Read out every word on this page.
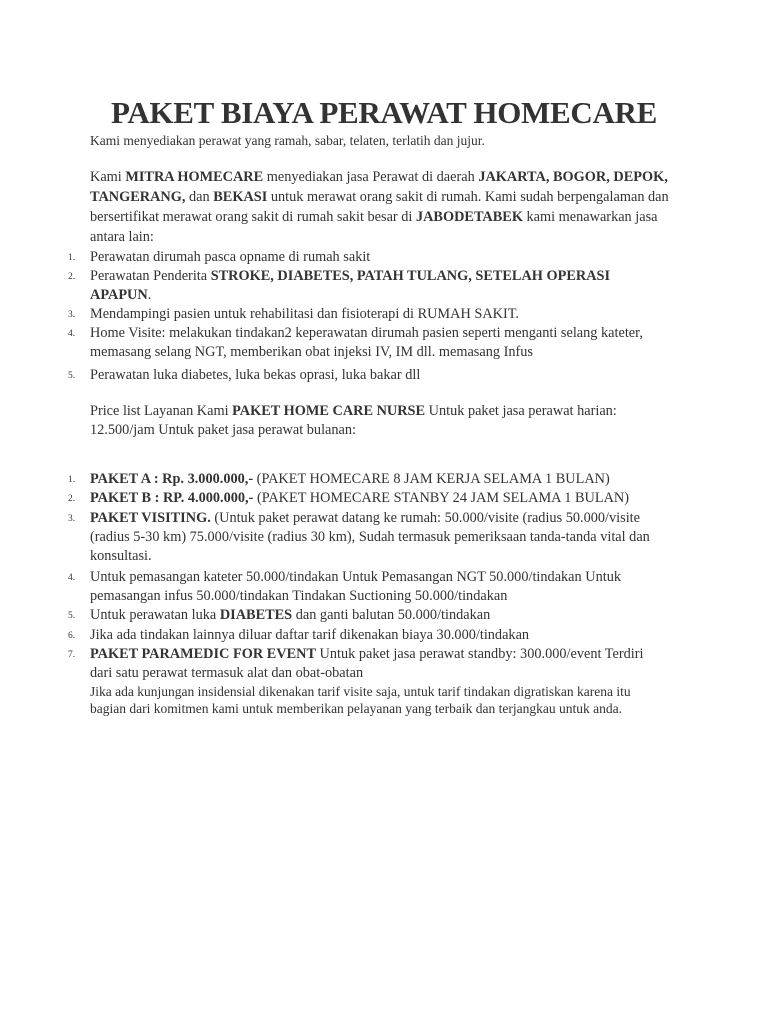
PAKET BIAYA PERAWAT HOMECARE
Kami menyediakan perawat yang ramah, sabar, telaten, terlatih dan jujur.
Kami MITRA HOMECARE menyediakan jasa Perawat di daerah JAKARTA, BOGOR, DEPOK,
TANGERANG, dan BEKASI untuk merawat orang sakit di rumah. Kami sudah berpengalaman dan
bersertifikat merawat orang sakit di rumah sakit besar di JABODETABEK kami menawarkan jasa
antara lain:
1. Perawatan dirumah pasca opname di rumah sakit
2. Perawatan Penderita STROKE, DIABETES, PATAH TULANG, SETELAH OPERASI
APAPUN.
3. Mendampingi pasien untuk rehabilitasi dan fisioterapi di RUMAH SAKIT.
4. Home Visite: melakukan tindakan2 keperawatan dirumah pasien seperti menganti selang kateter,
memasang selang NGT, memberikan obat injeksi IV, IM dll. memasang Infus
5. Perawatan luka diabetes, luka bekas oprasi, luka bakar dll
Price list Layanan Kami PAKET HOME CARE NURSE Untuk paket jasa perawat harian:
12.500/jam Untuk paket jasa perawat bulanan:
1. PAKET A : Rp. 3.000.000,- (PAKET HOMECARE 8 JAM KERJA SELAMA 1 BULAN)
2. PAKET B : RP. 4.000.000,- (PAKET HOMECARE STANBY 24 JAM SELAMA 1 BULAN)
3. PAKET VISITING. (Untuk paket perawat datang ke rumah: 50.000/visite (radius 50.000/visite
(radius 5-30 km) 75.000/visite (radius 30 km), Sudah termasuk pemeriksaan tanda-tanda vital dan
konsultasi.
4. Untuk pemasangan kateter 50.000/tindakan Untuk Pemasangan NGT 50.000/tindakan Untuk
pemasangan infus 50.000/tindakan Tindakan Suctioning 50.000/tindakan
5. Untuk perawatan luka DIABETES dan ganti balutan 50.000/tindakan
6. Jika ada tindakan lainnya diluar daftar tarif dikenakan biaya 30.000/tindakan
7. PAKET PARAMEDIC FOR EVENT Untuk paket jasa perawat standby: 300.000/event Terdiri
dari satu perawat termasuk alat dan obat-obatan
Jika ada kunjungan insidensial dikenakan tarif visite saja, untuk tarif tindakan digratiskan karena itu
bagian dari komitmen kami untuk memberikan pelayanan yang terbaik dan terjangkau untuk anda.
